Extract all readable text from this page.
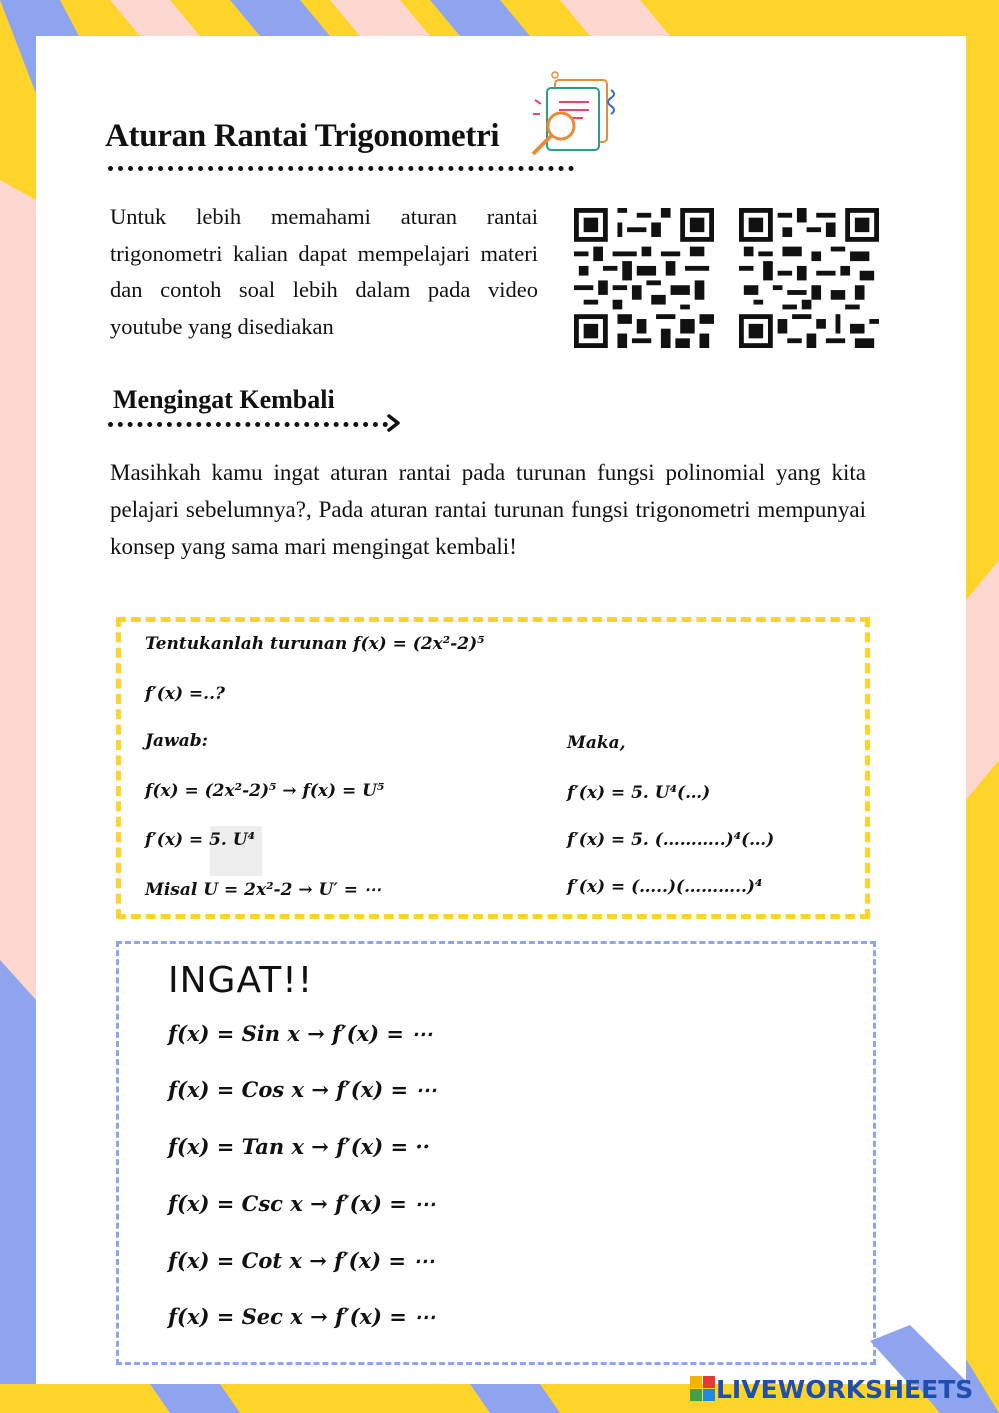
Aturan Rantai Trigonometri
Untuk lebih memahami aturan rantai trigonometri kalian dapat mempelajari materi dan contoh soal lebih dalam pada video youtube yang disediakan
Mengingat Kembali
Masihkah kamu ingat aturan rantai pada turunan fungsi polinomial yang kita pelajari sebelumnya?, Pada aturan rantai turunan fungsi trigonometri mempunyai konsep yang sama mari mengingat kembali!
Tentukanlah turunan f(x) = (2x²-2)⁵
f′(x) =..?
Jawab:
f(x) = (2x²-2)⁵ → f(x) = U⁵
f′(x) = 5. U⁴
Misal U = 2x²-2 → U′ = ⋯
Maka,
f′(x) = 5. U⁴(…)
f′(x) = 5. (………..)⁴(…)
f′(x) = (…..)(………..)⁴
INGAT!!
f(x) = Sin x → f′(x) = ⋯
f(x) = Cos x → f′(x) = ⋯
f(x) = Tan x → f′(x) = ··
f(x) = Csc x → f′(x) = ⋯
f(x) = Cot x → f′(x) = ⋯
f(x) = Sec x → f′(x) = ⋯
LIVEWORKSHEETS
